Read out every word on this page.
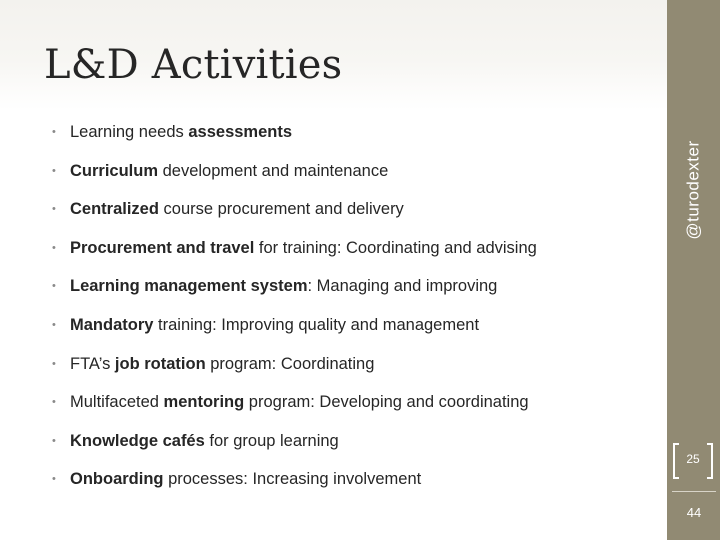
L&D Activities
• Learning needs assessments
• Curriculum development and maintenance
• Centralized course procurement and delivery
• Procurement and travel for training: Coordinating and advising
• Learning management system: Managing and improving
• Mandatory training: Improving quality and management
• FTA’s job rotation program: Coordinating
• Multifaceted mentoring program: Developing and coordinating
• Knowledge cafés for group learning
• Onboarding processes: Increasing involvement
@turodexter
25
44
